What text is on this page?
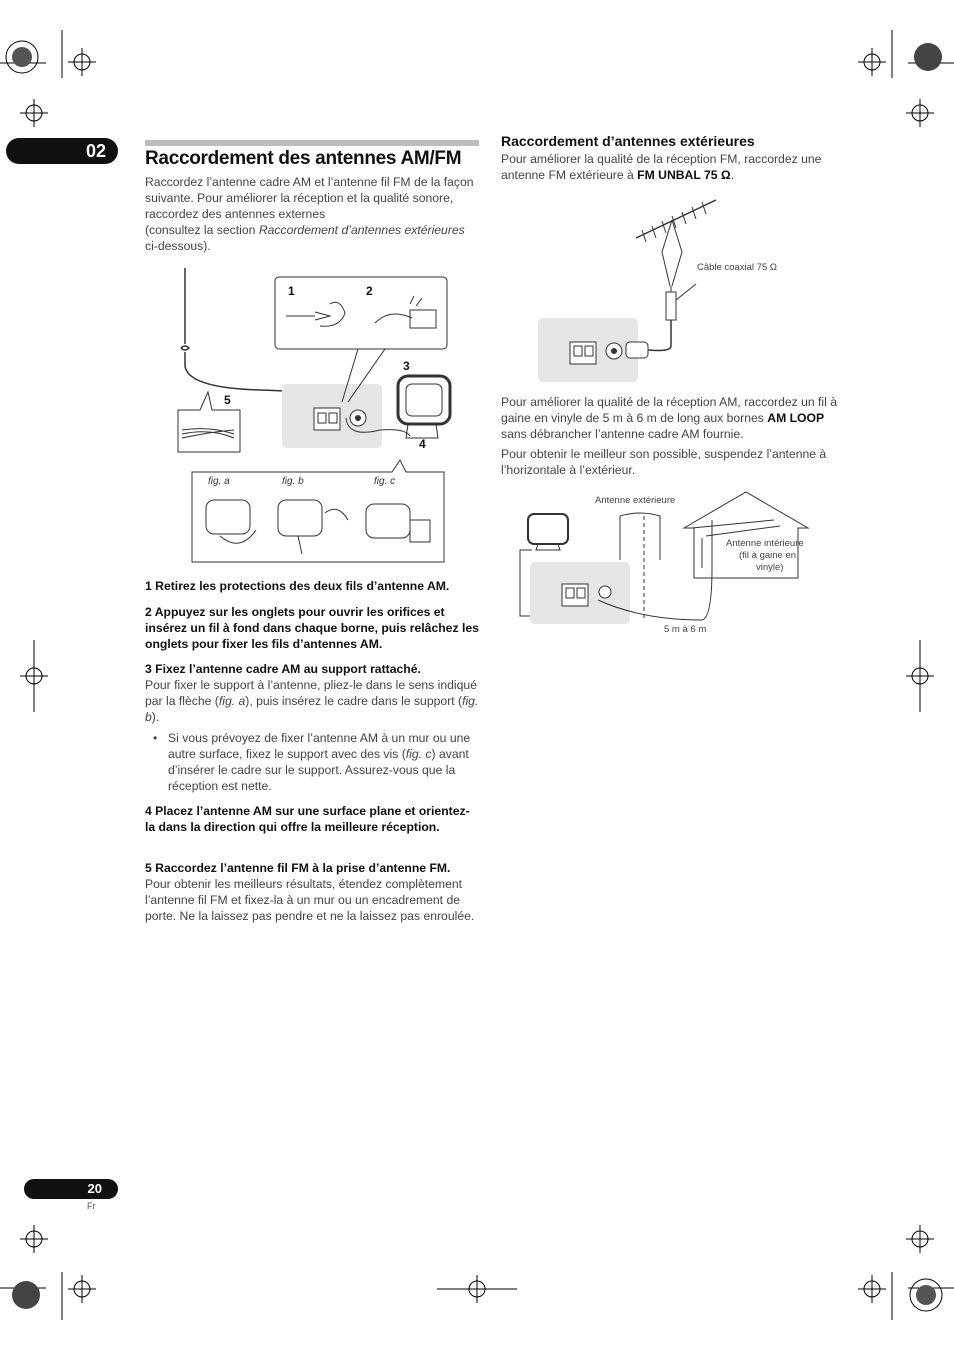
02	Raccordement des antennes AM/FM
Raccordez l’antenne cadre AM et l’antenne fil FM de la façon suivante. Pour améliorer la réception et la qualité sonore, raccordez des antennes externes
(consultez la section Raccordement d’antennes extérieures ci-dessous).
1	2
3
4
5
fig. a	fig. b	fig. c
1 Retirez les protections des deux fils d’antenne AM.
2 Appuyez sur les onglets pour ouvrir les orifices et insérez un fil à fond dans chaque borne, puis relâchez les onglets pour fixer les fils d’antennes AM.
3 Fixez l’antenne cadre AM au support rattaché.
Pour fixer le support à l’antenne, pliez-le dans le sens indiqué par la flèche (fig. a), puis insérez le cadre dans le support (fig. b).
• Si vous prévoyez de fixer l’antenne AM à un mur ou une autre surface, fixez le support avec des vis (fig. c) avant d’insérer le cadre sur le support. Assurez-vous que la réception est nette.
4 Placez l’antenne AM sur une surface plane et orientez-la dans la direction qui offre la meilleure réception.
5 Raccordez l’antenne fil FM à la prise d’antenne FM.
Pour obtenir les meilleurs résultats, étendez complètement l’antenne fil FM et fixez-la à un mur ou un encadrement de porte. Ne la laissez pas pendre et ne la laissez pas enroulée.
Raccordement d’antennes extérieures
Pour améliorer la qualité de la réception FM, raccordez une antenne FM extérieure à FM UNBAL 75 Ω.
Câble coaxial 75 Ω
Pour améliorer la qualité de la réception AM, raccordez un fil à gaine en vinyle de 5 m à 6 m de long aux bornes AM LOOP sans débrancher l’antenne cadre AM fournie.
Pour obtenir le meilleur son possible, suspendez l’antenne à l’horizontale à l’extérieur.
Antenne extérieure
Antenne intérieure
(fil à gaine en
vinyle)
5 m à 6 m
20
Fr
